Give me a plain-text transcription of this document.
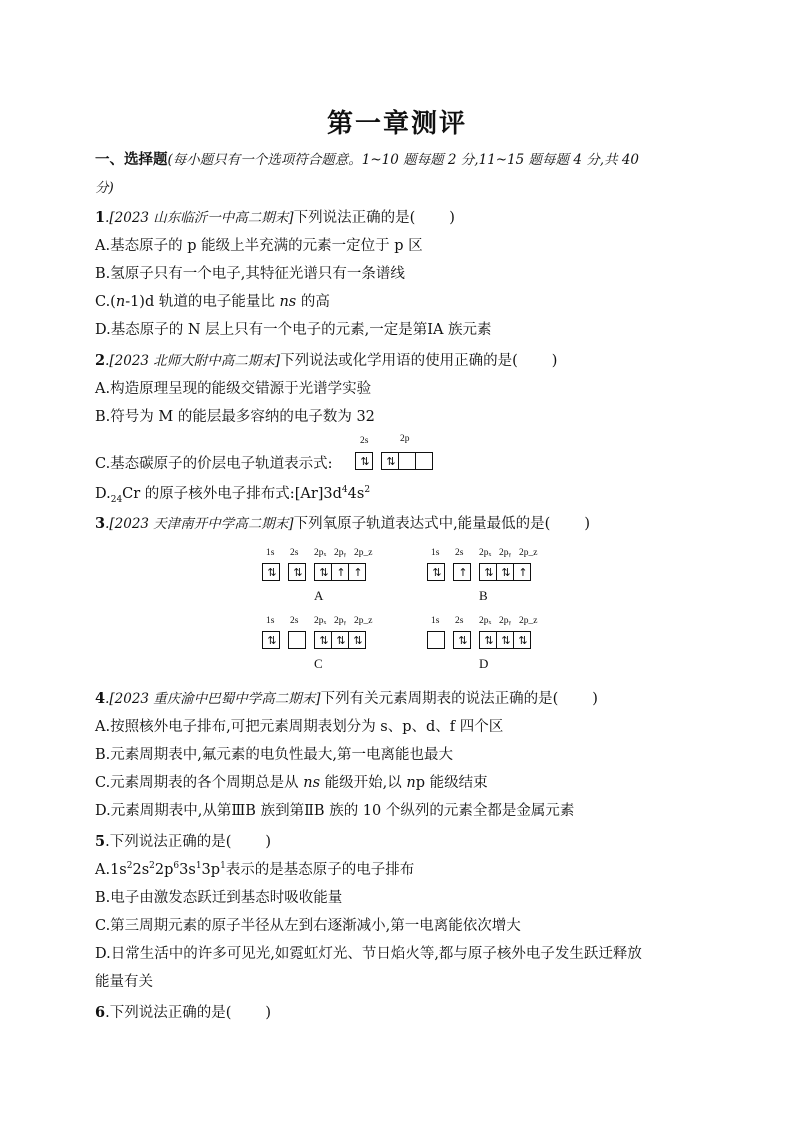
第一章测评
一、选择题(每小题只有一个选项符合题意。1~10 题每题 2 分,11~15 题每题 4 分,共 40
分)
1.[2023 山东临沂一中高二期末]下列说法正确的是( )
A.基态原子的 p 能级上半充满的元素一定位于 p 区
B.氢原子只有一个电子,其特征光谱只有一条谱线
C.(n-1)d 轨道的电子能量比 ns 的高
D.基态原子的 N 层上只有一个电子的元素,一定是第ⅠA 族元素
2.[2023 北师大附中高二期末]下列说法或化学用语的使用正确的是( )
A.构造原理呈现的能级交错源于光谱学实验
B.符号为 M 的能层最多容纳的电子数为 32
2s	2p
C.基态碳原子的价层电子轨道表示式:	⇅	⇅
$D._{24}Cr$ 的原子核外电子排布式$:[Ar]3d^44s^2$
3.[2023 天津南开中学高二期末]下列氧原子轨道表达式中,能量最低的是( )
1s 2s 2pₓ 2pᵧ 2p_z
⇅	⇅	⇅ ↑ ↑
A
1s 2s 2pₓ 2pᵧ 2p_z
⇅	↑	⇅ ⇅ ↑
B
1s 2s 2pₓ 2pᵧ 2p_z
⇅	⇅ ⇅ ⇅
C
1s 2s 2pₓ 2pᵧ 2p_z
⇅	⇅ ⇅ ⇅
D
4.[2023 重庆渝中巴蜀中学高二期末]下列有关元素周期表的说法正确的是( )
A.按照核外电子排布,可把元素周期表划分为 s、p、d、f 四个区
B.元素周期表中,氟元素的电负性最大,第一电离能也最大
C.元素周期表的各个周期总是从 ns 能级开始,以 np 能级结束
D.元素周期表中,从第ⅢB 族到第ⅡB 族的 10 个纵列的元素全都是金属元素
5.下列说法正确的是( )
$A.1s^22s^22p^63s^13p^1$表示的是基态原子的电子排布
B.电子由激发态跃迁到基态时吸收能量
C.第三周期元素的原子半径从左到右逐渐减小,第一电离能依次增大
D.日常生活中的许多可见光,如霓虹灯光、节日焰火等,都与原子核外电子发生跃迁释放
能量有关
6.下列说法正确的是( )
